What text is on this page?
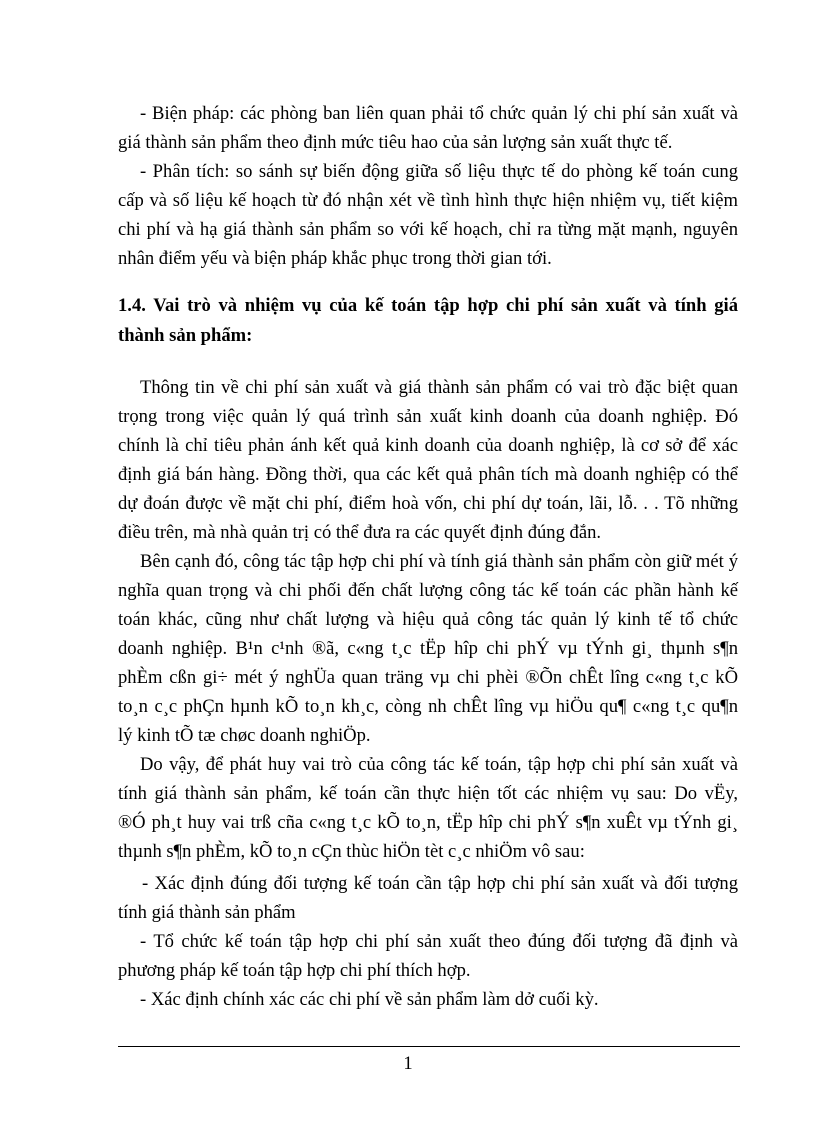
- Biện pháp: các phòng ban liên quan phải tổ chức quản lý chi phí sản xuất và
giá thành sản phẩm theo định mức tiêu hao của sản lượng sản xuất thực tế.
- Phân tích: so sánh sự biến động giữa số liệu thực tế do phòng kế toán cung
cấp và số liệu kế hoạch từ đó nhận xét về tình hình thực hiện nhiệm vụ, tiết kiệm
chi phí và hạ giá thành sản phẩm so với kế hoạch, chỉ ra từng mặt mạnh, nguyên
nhân điểm yếu và biện pháp khắc phục trong thời gian tới.
1.4. Vai trò và nhiệm vụ của kế toán tập hợp chi phí sản xuất và tính giá
thành sản phẩm:
Thông tin về chi phí sản xuất và giá thành sản phẩm có vai trò đặc biệt quan
trọng trong việc quản lý quá trình sản xuất kinh doanh của doanh nghiệp. Đó
chính là chỉ tiêu phản ánh kết quả kinh doanh của doanh nghiệp, là cơ sở để xác
định giá bán hàng. Đồng thời, qua các kết quả phân tích mà doanh nghiệp có thể
dự đoán được về mặt chi phí, điểm hoà vốn, chi phí dự toán, lãi, lỗ. . . Tõ những
điều trên, mà nhà quản trị có thể đưa ra các quyết định đúng đắn.
Bên cạnh đó, công tác tập hợp chi phí và tính giá thành sản phẩm còn giữ mét ý
nghĩa quan trọng và chi phối đến chất lượng công tác kế toán các phần hành kế
toán khác, cũng như chất lượng và hiệu quả công tác quản lý kinh tế tổ chức
doanh nghiệp. B¹n c¹nh ®ã, c«ng t¸c tËp hîp chi phÝ vµ tÝnh gi¸ thµnh s¶n
phÈm cßn gi÷ mét ý nghÜa quan träng vµ chi phèi ®Õn chÊt lîng c«ng t¸c kÕ
to¸n c¸c phÇn hµnh kÕ to¸n kh¸c, còng nh chÊt lîng vµ hiÖu qu¶ c«ng t¸c qu¶n
lý kinh tÕ tæ chøc doanh nghiÖp.
Do vậy, để phát huy vai trò của công tác kế toán, tập hợp chi phí sản xuất và
tính giá thành sản phẩm, kế toán cần thực hiện tốt các nhiệm vụ sau: Do vËy,
®Ó ph¸t huy vai trß cña c«ng t¸c kÕ to¸n, tËp hîp chi phÝ s¶n xuÊt vµ tÝnh gi¸
thµnh s¶n phÈm, kÕ to¸n cÇn thùc hiÖn tèt c¸c nhiÖm vô sau:
- Xác định đúng đối tượng kế toán cần tập hợp chi phí sản xuất và đối tượng
tính giá thành sản phẩm
- Tổ chức kế toán tập hợp chi phí sản xuất theo đúng đối tượng đã định và
phương pháp kế toán tập hợp chi phí thích hợp.
- Xác định chính xác các chi phí về sản phẩm làm dở cuối kỳ.
1
